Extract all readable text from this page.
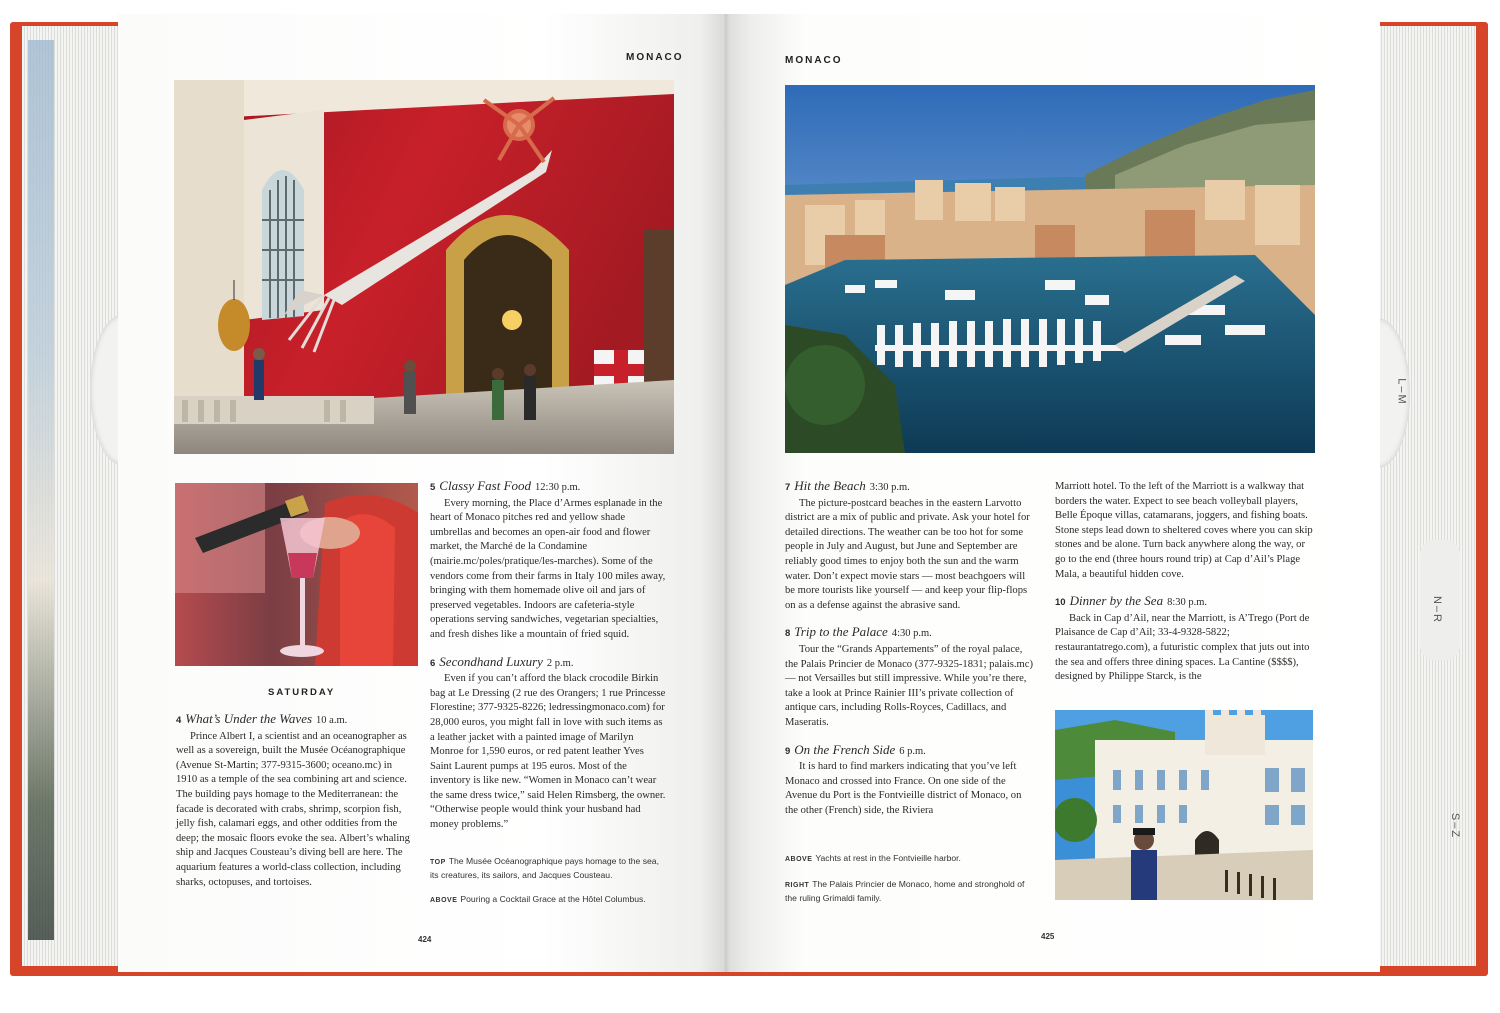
L–M
N–R
S–Z
MONACO
SATURDAY
4 What’s Under the Waves 10 a.m.

Prince Albert I, a scientist and an oceanographer as well as a sovereign, built the Musée Océanographique (Avenue St-Martin; 377-9315-3600; oceano.mc) in 1910 as a temple of the sea combining art and science. The building pays homage to the Mediterranean: the facade is decorated with crabs, shrimp, scorpion fish, jelly fish, calamari eggs, and other oddities from the deep; the mosaic floors evoke the sea. Albert’s whaling ship and Jacques Cousteau’s diving bell are here. The aquarium features a world-class collection, including sharks, octopuses, and tortoises.

5 Classy Fast Food 12:30 p.m.

Every morning, the Place d’Armes esplanade in the heart of Monaco pitches red and yellow shade umbrellas and becomes an open-air food and flower market, the Marché de la Condamine (mairie.mc/poles/pratique/les-marches). Some of the vendors come from their farms in Italy 100 miles away, bringing with them homemade olive oil and jars of preserved vegetables. Indoors are cafeteria-style operations serving sandwiches, vegetarian specialties, and fresh dishes like a mountain of fried squid.

6 Secondhand Luxury 2 p.m.

Even if you can’t afford the black crocodile Birkin bag at Le Dressing (2 rue des Orangers; 1 rue Princesse Florestine; 377-9325-8226; ledressingmonaco.com) for 28,000 euros, you might fall in love with such items as a leather jacket with a painted image of Marilyn Monroe for 1,590 euros, or red patent leather Yves Saint Laurent pumps at 195 euros. Most of the inventory is like new. “Women in Monaco can’t wear the same dress twice,” said Helen Rimsberg, the owner. “Otherwise people would think your husband had money problems.”

TOP The Musée Océanographique pays homage to the sea, its creatures, its sailors, and Jacques Cousteau.
ABOVE Pouring a Cocktail Grace at the Hôtel Columbus.
424
MONACO
7 Hit the Beach 3:30 p.m.

The picture-postcard beaches in the eastern Larvotto district are a mix of public and private. Ask your hotel for detailed directions. The weather can be too hot for some people in July and August, but June and September are reliably good times to enjoy both the sun and the warm water. Don’t expect movie stars — most beachgoers will be more tourists like yourself — and keep your flip-flops on as a defense against the abrasive sand.

8 Trip to the Palace 4:30 p.m.

Tour the “Grands Appartements” of the royal palace, the Palais Princier de Monaco (377-9325-1831; palais.mc) — not Versailles but still impressive. While you’re there, take a look at Prince Rainier III’s private collection of antique cars, including Rolls-Royces, Cadillacs, and Maseratis.

9 On the French Side 6 p.m.

It is hard to find markers indicating that you’ve left Monaco and crossed into France. On one side of the Avenue du Port is the Fontvieille district of Monaco, on the other (French) side, the Riviera

ABOVE Yachts at rest in the Fontvieille harbor.
RIGHT The Palais Princier de Monaco, home and stronghold of the ruling Grimaldi family.

Marriott hotel. To the left of the Marriott is a walkway that borders the water. Expect to see beach volleyball players, Belle Époque villas, catamarans, joggers, and fishing boats. Stone steps lead down to sheltered coves where you can skip stones and be alone. Turn back anywhere along the way, or go to the end (three hours round trip) at Cap d’Ail’s Plage Mala, a beautiful hidden cove.

10 Dinner by the Sea 8:30 p.m.

Back in Cap d’Ail, near the Marriott, is A’Trego (Port de Plaisance de Cap d’Ail; 33-4-9328-5822; restaurantatrego.com), a futuristic complex that juts out into the sea and offers three dining spaces. La Cantine ($$$$), designed by Philippe Starck, is the

425
